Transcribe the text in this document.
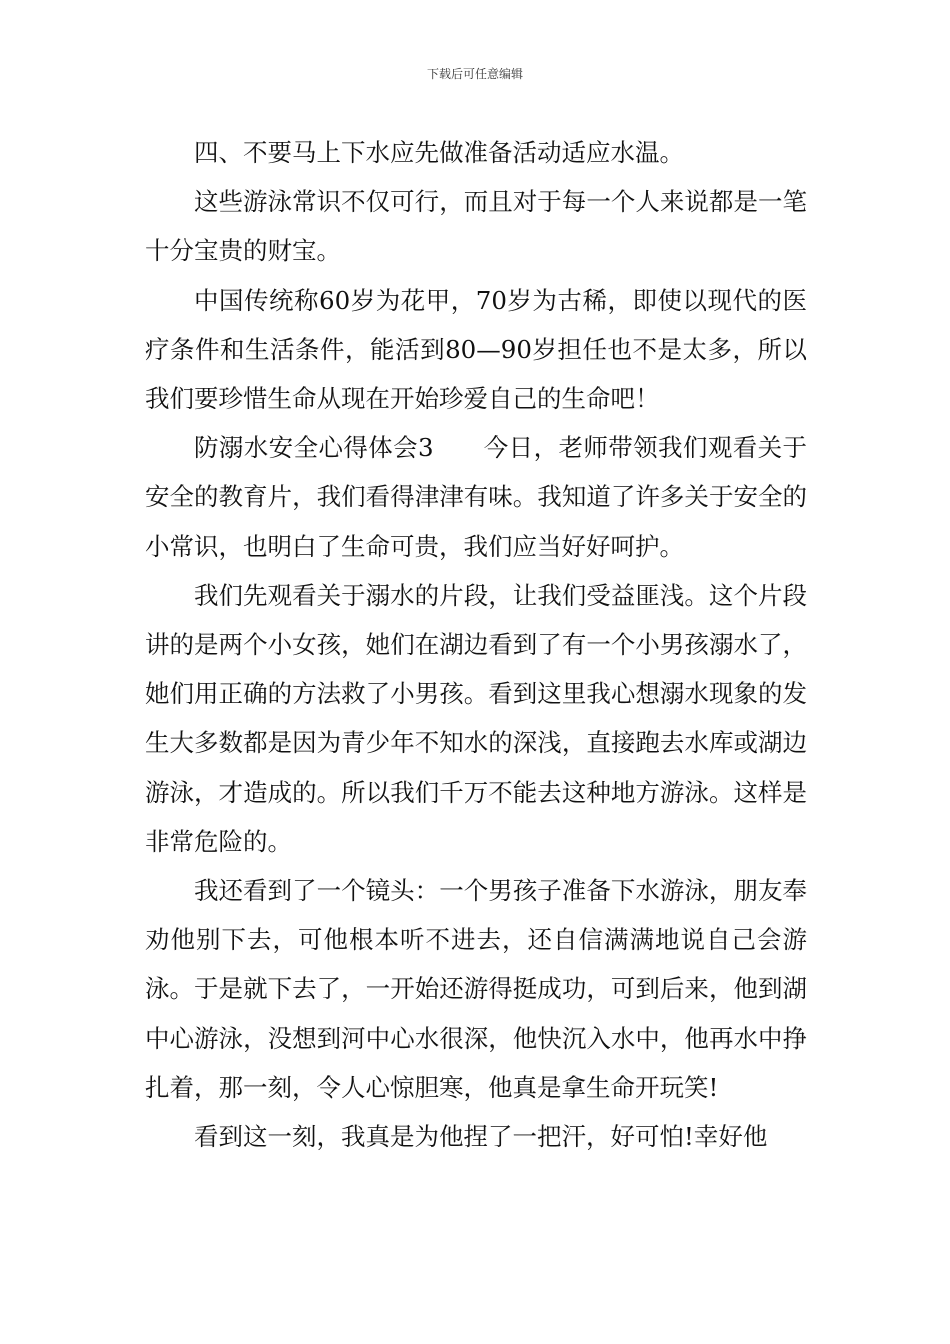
下载后可任意编辑

四、不要马上下水应先做准备活动适应水温。

这些游泳常识不仅可行，而且对于每一个人来说都是一笔十分宝贵的财宝。

中国传统称60岁为花甲，70岁为古稀，即使以现代的医疗条件和生活条件，能活到80—90岁担任也不是太多，所以我们要珍惜生命从现在开始珍爱自己的生命吧！

防溺水安全心得体会3　　今日，老师带领我们观看关于安全的教育片，我们看得津津有味。我知道了许多关于安全的小常识，也明白了生命可贵，我们应当好好呵护。

我们先观看关于溺水的片段，让我们受益匪浅。这个片段讲的是两个小女孩，她们在湖边看到了有一个小男孩溺水了，她们用正确的方法救了小男孩。看到这里我心想溺水现象的发生大多数都是因为青少年不知水的深浅，直接跑去水库或湖边游泳，才造成的。所以我们千万不能去这种地方游泳。这样是非常危险的。

我还看到了一个镜头：一个男孩子准备下水游泳，朋友奉劝他别下去，可他根本听不进去，还自信满满地说自己会游泳。于是就下去了，一开始还游得挺成功，可到后来，他到湖中心游泳，没想到河中心水很深，他快沉入水中，他再水中挣扎着，那一刻，令人心惊胆寒，他真是拿生命开玩笑!

看到这一刻，我真是为他捏了一把汗，好可怕!幸好他
